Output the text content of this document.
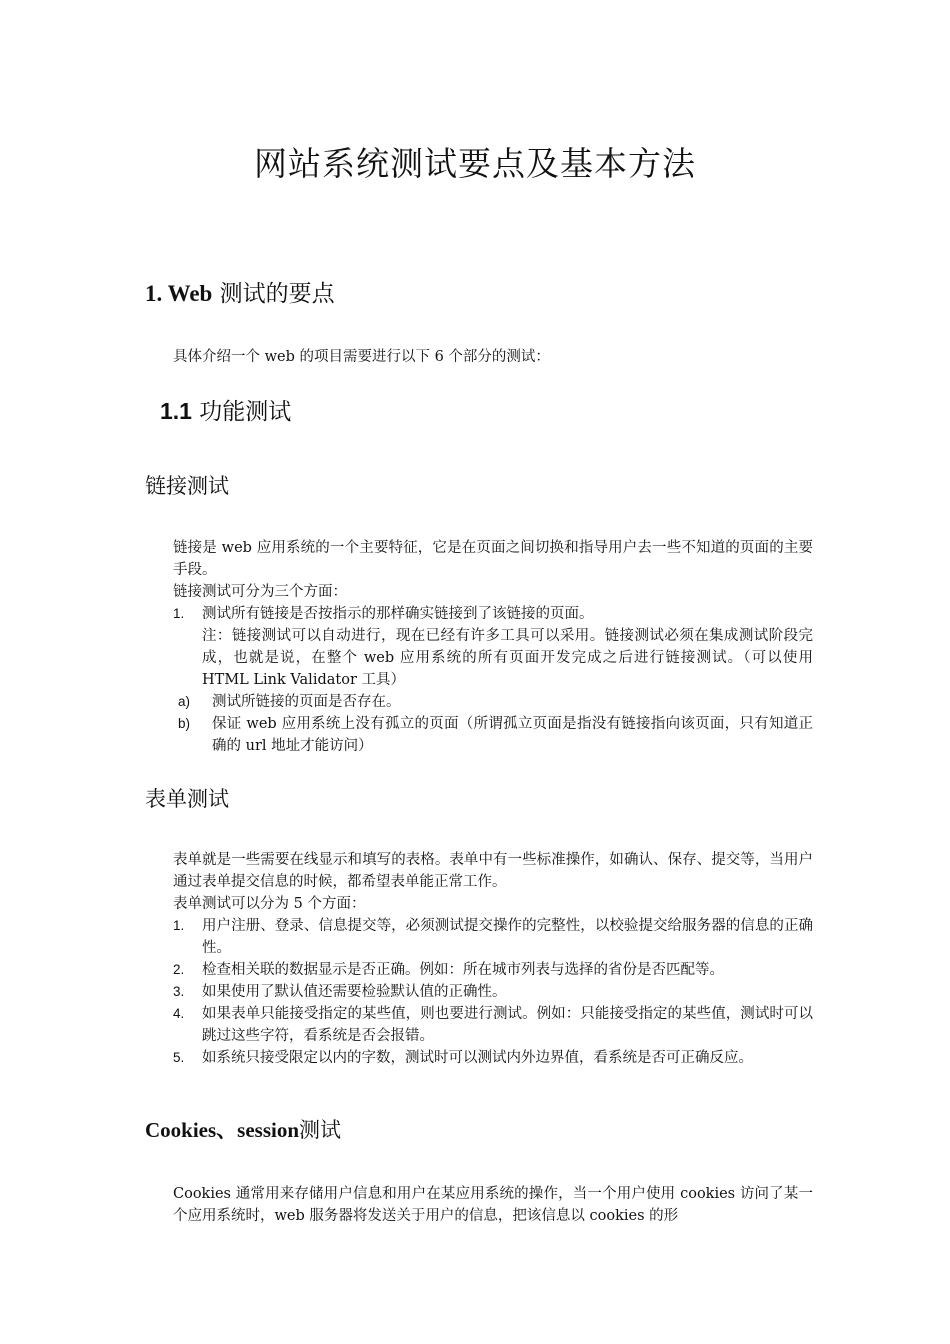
网站系统测试要点及基本方法
1. Web 测试的要点

具体介绍一个 web 的项目需要进行以下 6 个部分的测试：

1.1 功能测试
链接测试

链接是 web 应用系统的一个主要特征，它是在页面之间切换和指导用户去一些不知道的页面的主要手段。

链接测试可分为三个方面：

1. 测试所有链接是否按指示的那样确实链接到了该链接的页面。
注：链接测试可以自动进行，现在已经有许多工具可以采用。链接测试必须在集成测试阶段完成，也就是说，在整个 web 应用系统的所有页面开发完成之后进行链接测试。（可以使用 HTML Link Validator 工具）
a) 测试所链接的页面是否存在。
b) 保证 web 应用系统上没有孤立的页面（所谓孤立页面是指没有链接指向该页面，只有知道正确的 url 地址才能访问）
表单测试

表单就是一些需要在线显示和填写的表格。表单中有一些标准操作，如确认、保存、提交等，当用户通过表单提交信息的时候，都希望表单能正常工作。

表单测试可以分为 5 个方面：

1. 用户注册、登录、信息提交等，必须测试提交操作的完整性，以校验提交给服务器的信息的正确性。
2. 检查相关联的数据显示是否正确。例如：所在城市列表与选择的省份是否匹配等。
3. 如果使用了默认值还需要检验默认值的正确性。
4. 如果表单只能接受指定的某些值，则也要进行测试。例如：只能接受指定的某些值，测试时可以跳过这些字符，看系统是否会报错。
5. 如系统只接受限定以内的字数，测试时可以测试内外边界值，看系统是否可正确反应。
Cookies、session测试

Cookies 通常用来存储用户信息和用户在某应用系统的操作，当一个用户使用 cookies 访问了某一个应用系统时，web 服务器将发送关于用户的信息，把该信息以 cookies 的形
